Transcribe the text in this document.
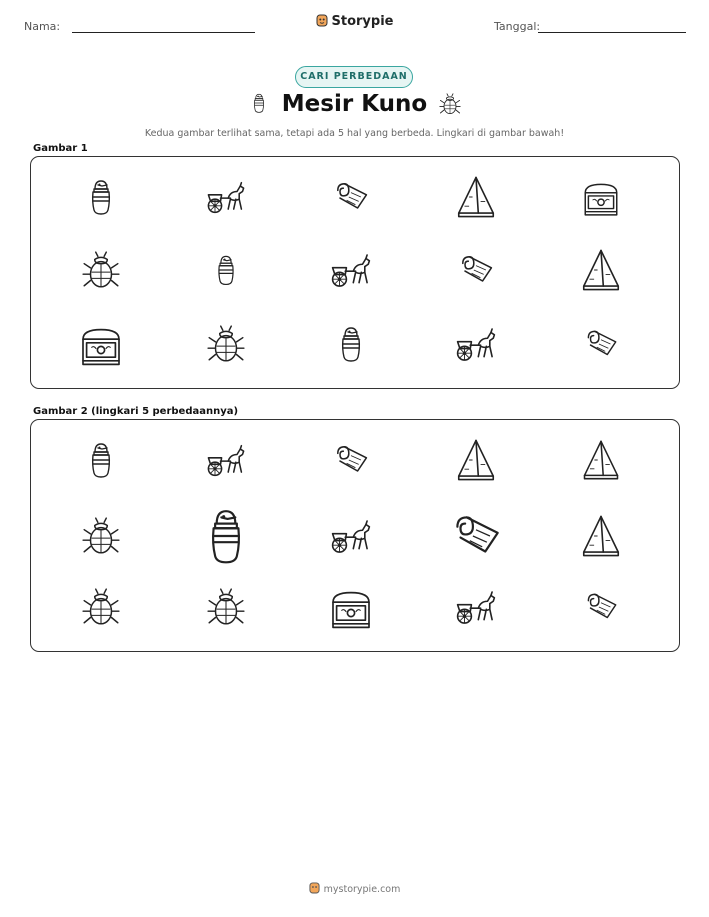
Nama:	Storypie	Tanggal:
CARI PERBEDAAN
Mesir Kuno
Kedua gambar terlihat sama, tetapi ada 5 hal yang berbeda. Lingkari di gambar bawah!
Gambar 1
Gambar 2 (lingkari 5 perbedaannya)
mystorypie.com
